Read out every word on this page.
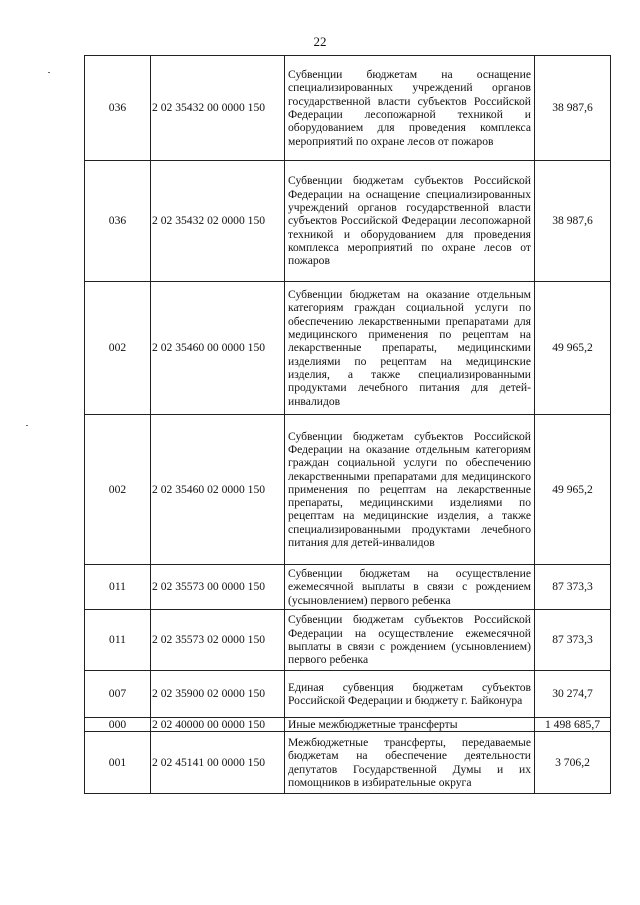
22
036	2 02 35432 00 0000 150	Субвенции бюджетам на оснащение специализированных учреждений органов государственной власти субъектов Российской Федерации лесопожарной техникой и оборудованием для проведения комплекса мероприятий по охране лесов от пожаров	38 987,6
036	2 02 35432 02 0000 150	Субвенции бюджетам субъектов Российской Федерации на оснащение специализированных учреждений органов государственной власти субъектов Российской Федерации лесопожарной техникой и оборудованием для проведения комплекса мероприятий по охране лесов от пожаров	38 987,6
002	2 02 35460 00 0000 150	Субвенции бюджетам на оказание отдельным категориям граждан социальной услуги по обеспечению лекарственными препаратами для медицинского применения по рецептам на лекарственные препараты, медицинскими изделиями по рецептам на медицинские изделия, а также специализированными продуктами лечебного питания для детей-инвалидов	49 965,2
002	2 02 35460 02 0000 150	Субвенции бюджетам субъектов Российской Федерации на оказание отдельным категориям граждан социальной услуги по обеспечению лекарственными препаратами для медицинского применения по рецептам на лекарственные препараты, медицинскими изделиями по рецептам на медицинские изделия, а также специализированными продуктами лечебного питания для детей-инвалидов	49 965,2
011	2 02 35573 00 0000 150	Субвенции бюджетам на осуществление ежемесячной выплаты в связи с рождением (усыновлением) первого ребенка	87 373,3
011	2 02 35573 02 0000 150	Субвенции бюджетам субъектов Российской Федерации на осуществление ежемесячной выплаты в связи с рождением (усыновлением) первого ребенка	87 373,3
007	2 02 35900 02 0000 150	Единая субвенция бюджетам субъектов Российской Федерации и бюджету г. Байконура	30 274,7
000	2 02 40000 00 0000 150	Иные межбюджетные трансферты	1 498 685,7
001	2 02 45141 00 0000 150	Межбюджетные трансферты, передаваемые бюджетам на обеспечение деятельности депутатов Государственной Думы и их помощников в избирательные округа	3 706,2
